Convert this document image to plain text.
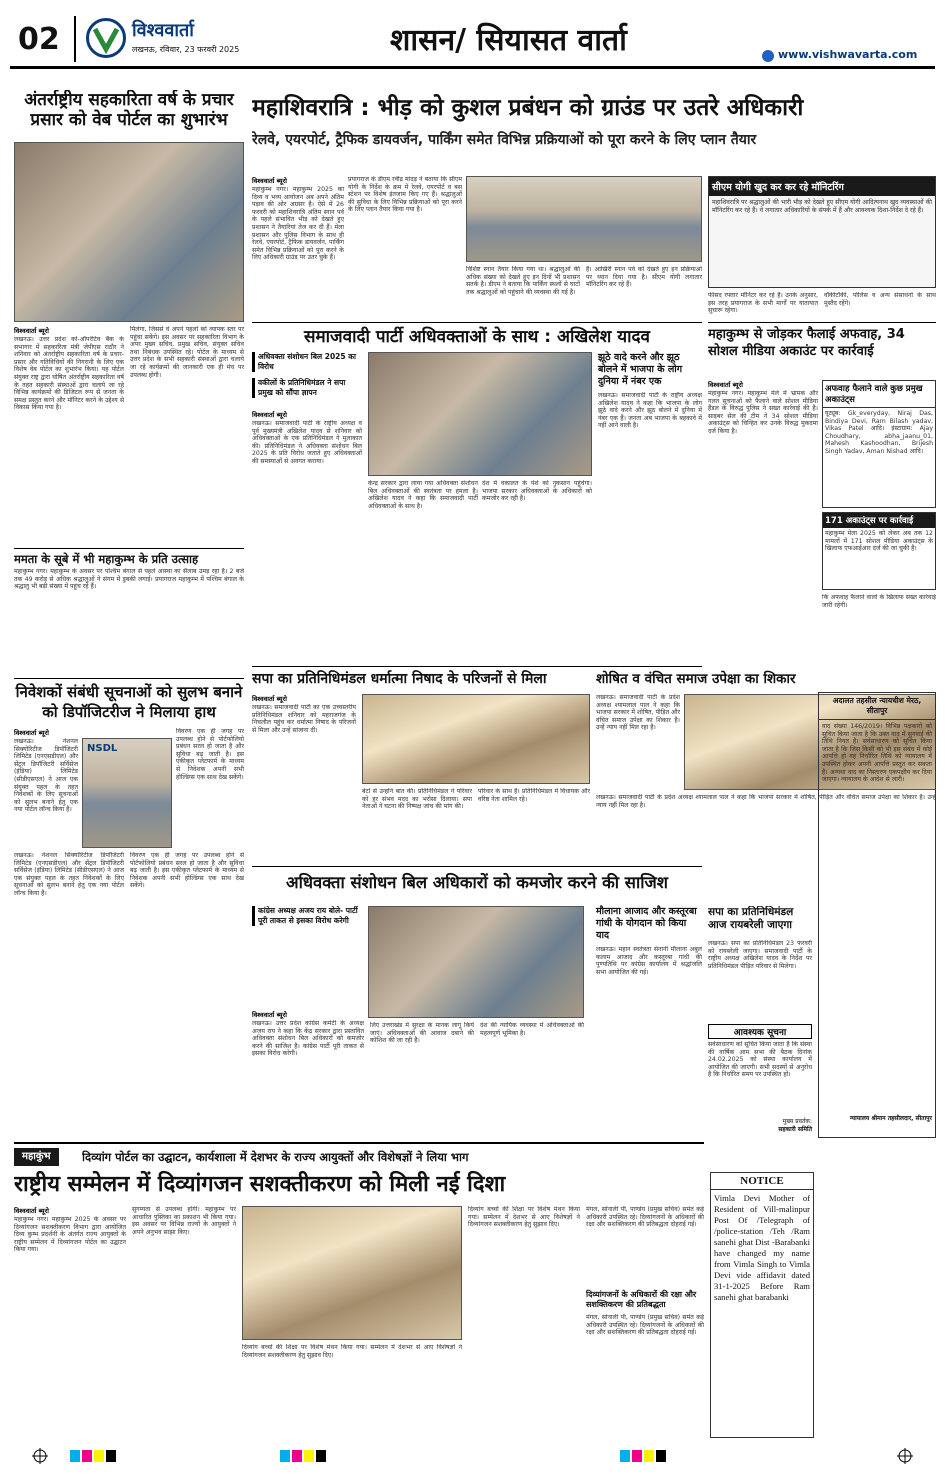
02	विश्ववार्ता
लखनऊ, रविवार, 23 फरवरी 2025	शासन/ सियासत वार्ता	www.vishwavarta.com
अंतर्राष्ट्रीय सहकारिता वर्ष के प्रचार प्रसार को वेब पोर्टल का शुभारंभ
विश्ववार्ता ब्यूरो
लखनऊ। उत्तर प्रदेश को-ऑपरेटिव बैंक के सभागार में सहकारिता मंत्री जेपीएस राठौर ने शनिवार को अंतर्राष्ट्रीय सहकारिता वर्ष के प्रचार-प्रसार और गतिविधियों की निगरानी के लिए एक विशेष वेब पोर्टल का शुभारंभ किया। यह पोर्टल संयुक्त राष्ट्र द्वारा घोषित अंतर्राष्ट्रीय सहकारिता वर्ष के तहत सहकारी संस्थाओं द्वारा चलाये जा रहे विभिन्न कार्यक्रमों की डिजिटल रूप से जनता के समक्ष प्रस्तुत करने और मॉनिटर करने के उद्देश्य से विकास किया गया है।
मिलेगा, जिससे वे अपने पहलों को व्यापक स्तर पर पहुंचा सकेंगे। इस अवसर पर सहकारिता विभाग के अपर मुख्य सचिव, प्रमुख सचिव, संयुक्त सचिव तथा निबंधक उपस्थित रहे। पोर्टल के माध्यम से उत्तर प्रदेश के सभी सहकारी संस्थाओं द्वारा चलाये जा रहे कार्यक्रमों की जानकारी एक ही मंच पर उपलब्ध होगी।
ममता के सूबे में भी महाकुम्भ के प्रति उत्साह
महाकुम्भ नगर। महाकुम्भ के अवसर पर पश्चिम बंगाल से पहले आस्था का सैलाब उमड़ रहा है। 2 बजे तक 49 करोड़ से अधिक श्रद्धालुओं ने संगम में डुबकी लगाई। प्रयागराज महाकुम्भ में पश्चिम बंगाल के श्रद्धालु भी बड़ी संख्या में पहुंच रहे हैं।
निवेशकों संबंधी सूचनाओं को सुलभ बनाने को डिपॉजिटरीज ने मिलाया हाथ
विश्ववार्ता ब्यूरो
लखनऊ। नेशनल सिक्योरिटीज डिपॉजिटरी लिमिटेड (एनएसडीएल) और सेंट्रल डिपॉजिटरी सर्विसेज (इंडिया) लिमिटेड (सीडीएसएल) ने आज एक संयुक्त पहल के तहत निवेशकों के लिए सूचनाओं को सुलभ बनाने हेतु एक नया पोर्टल लॉन्च किया है।
NSDL
विवरण एक ही जगह पर उपलब्ध होने से पोर्टफोलियो प्रबंधन सरल हो जाता है और सुविधा बढ़ जाती है। इस एकीकृत प्लेटफार्म के माध्यम से निवेशक अपनी सभी होल्डिंग्स एक साथ देख सकेंगे।
लखनऊ। नेशनल सिक्योरिटीज डिपॉजिटरी लिमिटेड (एनएसडीएल) और सेंट्रल डिपॉजिटरी सर्विसेज (इंडिया) लिमिटेड (सीडीएसएल) ने आज एक संयुक्त पहल के तहत निवेशकों के लिए सूचनाओं को सुलभ बनाने हेतु एक नया पोर्टल लॉन्च किया है।
विवरण एक ही जगह पर उपलब्ध होने से पोर्टफोलियो प्रबंधन सरल हो जाता है और सुविधा बढ़ जाती है। इस एकीकृत प्लेटफार्म के माध्यम से निवेशक अपनी सभी होल्डिंग्स एक साथ देख सकेंगे।
महाशिवरात्रि : भीड़ को कुशल प्रबंधन को ग्राउंड पर उतरे अधिकारी
रेलवे, एयरपोर्ट, ट्रैफिक डायवर्जन, पार्किंग समेत विभिन्न प्रक्रियाओं को पूरा करने के लिए प्लान तैयार
विश्ववार्ता ब्यूरो
महाकुम्भ नगर। महाकुम्भ 2025 का दिव्य व भव्य आयोजन अब अपने अंतिम पड़ाव की ओर अग्रसर है। ऐसे में 26 फरवरी को महाशिवरात्रि अंतिम स्नान पर्व के पहले संभावित भीड़ को देखते हुए प्रशासन ने तैयारियां तेज कर दी हैं। मेला प्रशासन और पुलिस विभाग के साथ ही रेलवे, एयरपोर्ट, ट्रैफिक डायवर्जन, पार्किंग समेत विभिन्न प्रक्रियाओं को पूरा करने के लिए अधिकारी ग्राउंड पर उतर चुके हैं।
प्रयागराज के डीएम रवींद्र मांदड़ ने बताया कि सीएम योगी के निर्देश के क्रम में रेलवे, एयरपोर्ट व बस स्टेशन पर विशेष इंतजाम किए गए हैं। श्रद्धालुओं की सुविधा के लिए विभिन्न प्रक्रियाओं को पूरा करने के लिए प्लान तैयार किया गया है।
विशिष्ट स्नान तैयार किया गया था। श्रद्धालुओं की अधिक संख्या को देखते हुए इन दिनों भी प्रशासन सतर्क है। डीएम ने बताया कि पार्किंग स्थलों से घाटों तक श्रद्धालुओं को पहुंचाने की व्यवस्था की गई है।
हैं। आखिरी स्नान पर्व को देखते हुए इन प्रक्रियाओं पर ध्यान दिया गया है। सीएम योगी लगातार मॉनिटरिंग कर रहे हैं।
सीएम योगी खुद कर कर रहे मॉनिटरिंग
महाशिवरात्रि पर श्रद्धालुओं की भारी भीड़ को देखते हुए सीएम योगी आदित्यनाथ खुद व्यवस्थाओं की मॉनिटरिंग कर रहे हैं। वे लगातार अधिकारियों के संपर्क में हैं और आवश्यक दिशा-निर्देश दे रहे हैं।
फीसद रफ्तार मॉनिटर कर रहे हैं। उनके अनुसार, इस तरह प्रयागराज के सभी मार्गों पर यातायात सुचारू रहेगा।
वॉकीटॉकी, पोलिस व अन्य संसाधनों के साथ मुस्तैद रहेंगे।
समाजवादी पार्टी अधिवक्ताओं के साथ : अखिलेश यादव
अधिवक्ता संशोधन बिल 2025 का विरोध
वकीलों के प्रतिनिधिमंडल ने सपा प्रमुख को सौंपा ज्ञापन
विश्ववार्ता ब्यूरो
लखनऊ। समाजवादी पार्टी के राष्ट्रीय अध्यक्ष व पूर्व मुख्यमंत्री अखिलेश यादव से शनिवार को अधिवक्ताओं के एक प्रतिनिधिमंडल ने मुलाकात की। प्रतिनिधिमंडल ने अधिवक्ता संशोधन बिल 2025 के प्रति विरोध जताते हुए अधिवक्ताओं की समस्याओं से अवगत कराया।
केन्द्र सरकार द्वारा लाया गया अधिवक्ता संशोधन बिल अधिवक्ताओं की स्वतंत्रता पर हमला है। अखिलेश यादव ने कहा कि समाजवादी पार्टी अधिवक्ताओं के साथ है।
देश में वकालत के पेशे को नुकसान पहुंचेगा। भाजपा सरकार अधिवक्ताओं के अधिकारों को कमजोर कर रही है।
झूठे वादे करने और झूठ बोलने में भाजपा के लोग दुनिया में नंबर एक
लखनऊ। समाजवादी पार्टी के राष्ट्रीय अध्यक्ष अखिलेश यादव ने कहा कि भाजपा के लोग झूठे वादे करने और झूठ बोलने में दुनिया में नंबर एक हैं। जनता अब भाजपा के बहकावे में नहीं आने वाली है।
महाकुम्भ से जोड़कर फैलाई अफवाह, 34 सोशल मीडिया अकाउंट पर कार्रवाई
विश्ववार्ता ब्यूरो
महाकुम्भ नगर। महाकुम्भ मेले में भ्रामक और गलत सूचनाओं को फैलाने वाले सोशल मीडिया हैंडल के विरुद्ध पुलिस ने सख्त कार्रवाई की है। साइबर सेल की टीम ने 34 सोशल मीडिया अकाउंट्स को चिन्हित कर उनके विरुद्ध मुकदमा दर्ज किया है।
अफवाह फैलाने वाले कुछ प्रमुख अकाउंट्स
यूट्यूब: Gk_everyday, Niraj Das, Bindiya Devi, Ram Bilash yadav, Vikas Patel आदि। इंस्टाग्राम: Ajay Choudhary, abha_jaanu_01, Mahesh Kashoodhan, Brijesh Singh Yadav, Aman Nishad आदि।
171 अकाउंट्स पर कार्रवाई
महाकुम्भ मेला 2025 को लेकर अब तक 12 मामलों में 171 सोशल मीडिया अकाउंट्स के खिलाफ एफआईआर दर्ज की जा चुकी है।
कि अफवाह फैलाने वालों के खिलाफ सख्त कार्रवाई जारी रहेगी।
सपा का प्रतिनिधिमंडल धर्मात्मा निषाद के परिजनों से मिला
विश्ववार्ता ब्यूरो
लखनऊ। समाजवादी पार्टी का एक उच्चस्तरीय प्रतिनिधिमंडल शनिवार को महराजगंज के निचलौल पहुंच कर धर्मात्मा निषाद के परिजनों से मिला और उन्हें सांत्वना दी।
बेटों से उन्होंने बात की। प्रतिनिधिमंडल ने परिवार को हर संभव मदद का भरोसा दिलाया। सपा नेताओं ने घटना की निष्पक्ष जांच की मांग की।
परिवार के साथ है। प्रतिनिधिमंडल में विधायक और वरिष्ठ नेता शामिल रहे।
शोषित व वंचित समाज उपेक्षा का शिकार
लखनऊ। समाजवादी पार्टी के प्रदेश अध्यक्ष श्यामलाल पाल ने कहा कि भाजपा सरकार में शोषित, पीड़ित और वंचित समाज उपेक्षा का शिकार है। उन्हें न्याय नहीं मिल रहा है।
लखनऊ। समाजवादी पार्टी के प्रदेश अध्यक्ष श्यामलाल पाल ने कहा कि भाजपा सरकार में शोषित, पीड़ित और वंचित समाज उपेक्षा का शिकार है। उन्हें न्याय नहीं मिल रहा है।
अधिवक्ता संशोधन बिल अधिकारों को कमजोर करने की साजिश
कांग्रेस अध्यक्ष अजय राय बोले- पार्टी पूरी ताकत से इसका विरोध करेगी
विश्ववार्ता ब्यूरो
लखनऊ। उत्तर प्रदेश कांग्रेस कमेटी के अध्यक्ष अजय राय ने कहा कि केंद्र सरकार द्वारा प्रस्तावित अधिवक्ता संशोधन बिल अधिकारों को कमजोर करने की साजिश है। कांग्रेस पार्टी पूरी ताकत से इसका विरोध करेगी।
लिए उत्तराखंड में सुरक्षा के मानक लागू किये जाएं। अधिवक्ताओं की आवाज दबाने की कोशिश की जा रही है।
देश की न्यायिक व्यवस्था में अधिवक्ताओं की महत्वपूर्ण भूमिका है।
मौलाना आजाद और कस्तूरबा गांधी के योगदान को किया याद
लखनऊ। महान स्वतंत्रता सेनानी मौलाना अबुल कलाम आजाद और कस्तूरबा गांधी की पुण्यतिथि पर कांग्रेस कार्यालय में श्रद्धांजलि सभा आयोजित की गई।
सपा का प्रतिनिधिमंडल आज रायबरेली जाएगा
लखनऊ। सपा का प्रतिनिधिमंडल 23 फरवरी को रायबरेली जाएगा। समाजवादी पार्टी के राष्ट्रीय अध्यक्ष अखिलेश यादव के निर्देश पर प्रतिनिधिमंडल पीड़ित परिवार से मिलेगा।
आवश्यक सूचना
सर्वसाधारण को सूचित किया जाता है कि संस्था की वार्षिक आम सभा की बैठक दिनांक 24.02.2025 को संस्था कार्यालय में आयोजित की जाएगी। सभी सदस्यों से अनुरोध है कि निर्धारित समय पर उपस्थित हों।
मुख्य प्रवर्तक:
सहकारी समिति
अदालत तहसील न्यायधीश मेरठ, सीतापुर
वाद संख्या 146/2019। विभिन्न पक्षकारों को सूचित किया जाता है कि उक्त वाद में सुनवाई की तिथि नियत है। सर्वसाधारण को सूचित किया जाता है कि जिस किसी को भी इस संबंध में कोई आपत्ति हो वह निर्धारित तिथि को न्यायालय में उपस्थित होकर अपनी आपत्ति प्रस्तुत कर सकता है। अन्यथा वाद का निस्तारण एकपक्षीय कर दिया जाएगा। न्यायालय के आदेश से जारी।
न्यायालय श्रीमान तहसीलदार, सीतापुर
महाकुंभ	दिव्यांग पोर्टल का उद्घाटन, कार्यशाला में देशभर के राज्य आयुक्तों और विशेषज्ञों ने लिया भाग
राष्ट्रीय सम्मेलन में दिव्यांगजन सशक्तीकरण को मिली नई दिशा
विश्ववार्ता ब्यूरो
महाकुम्भ नगर। महाकुम्भ 2025 के अवसर पर दिव्यांगजन सशक्तीकरण विभाग द्वारा आयोजित दिव्य कुम्भ प्रदर्शनी के अंतर्गत राज्य आयुक्तों के राष्ट्रीय सम्मेलन में दिव्यांगजन पोर्टल का उद्घाटन किया गया।
सुगम्यता से उपलब्ध होंगी। महाकुम्भ पर आधारित पुस्तिका का प्रकाशन भी किया गया। इस अवसर पर विभिन्न राज्यों के आयुक्तों ने अपने अनुभव साझा किए।
दिव्यांग बच्चों की शिक्षा पर विशेष मंथन किया गया। सम्मेलन में देशभर से आए विशेषज्ञों ने दिव्यांगजन सशक्तीकरण हेतु सुझाव दिए।
दिव्यांग बच्चों की शिक्षा पर विशेष मंथन किया गया। सम्मेलन में देशभर से आए विशेषज्ञों ने दिव्यांगजन सशक्तीकरण हेतु सुझाव दिए।
मंगल, सोनाली पी, पाण्डेय (प्रमुख सचिव) समेत कई अधिकारी उपस्थित रहे। दिव्यांगजनों के अधिकारों की रक्षा और सशक्तिकरण की प्रतिबद्धता दोहराई गई।
दिव्यांगजनों के अधिकारों की रक्षा और सशक्तिकरण की प्रतिबद्धता
मंगल, सोनाली पी, पाण्डेय (प्रमुख सचिव) समेत कई अधिकारी उपस्थित रहे। दिव्यांगजनों के अधिकारों की रक्षा और सशक्तिकरण की प्रतिबद्धता दोहराई गई।
NOTICE
Vimla Devi Mother of Resident of Vill-malinpur Post Of /Telegraph of /police-station /Teh /Ram sanehi ghat Dist -Barabanki have changed my name from Vimla Singh to Vimla Devi vide affidavit dated 31-1-2025 Before Ram sanehi ghat barabanki
